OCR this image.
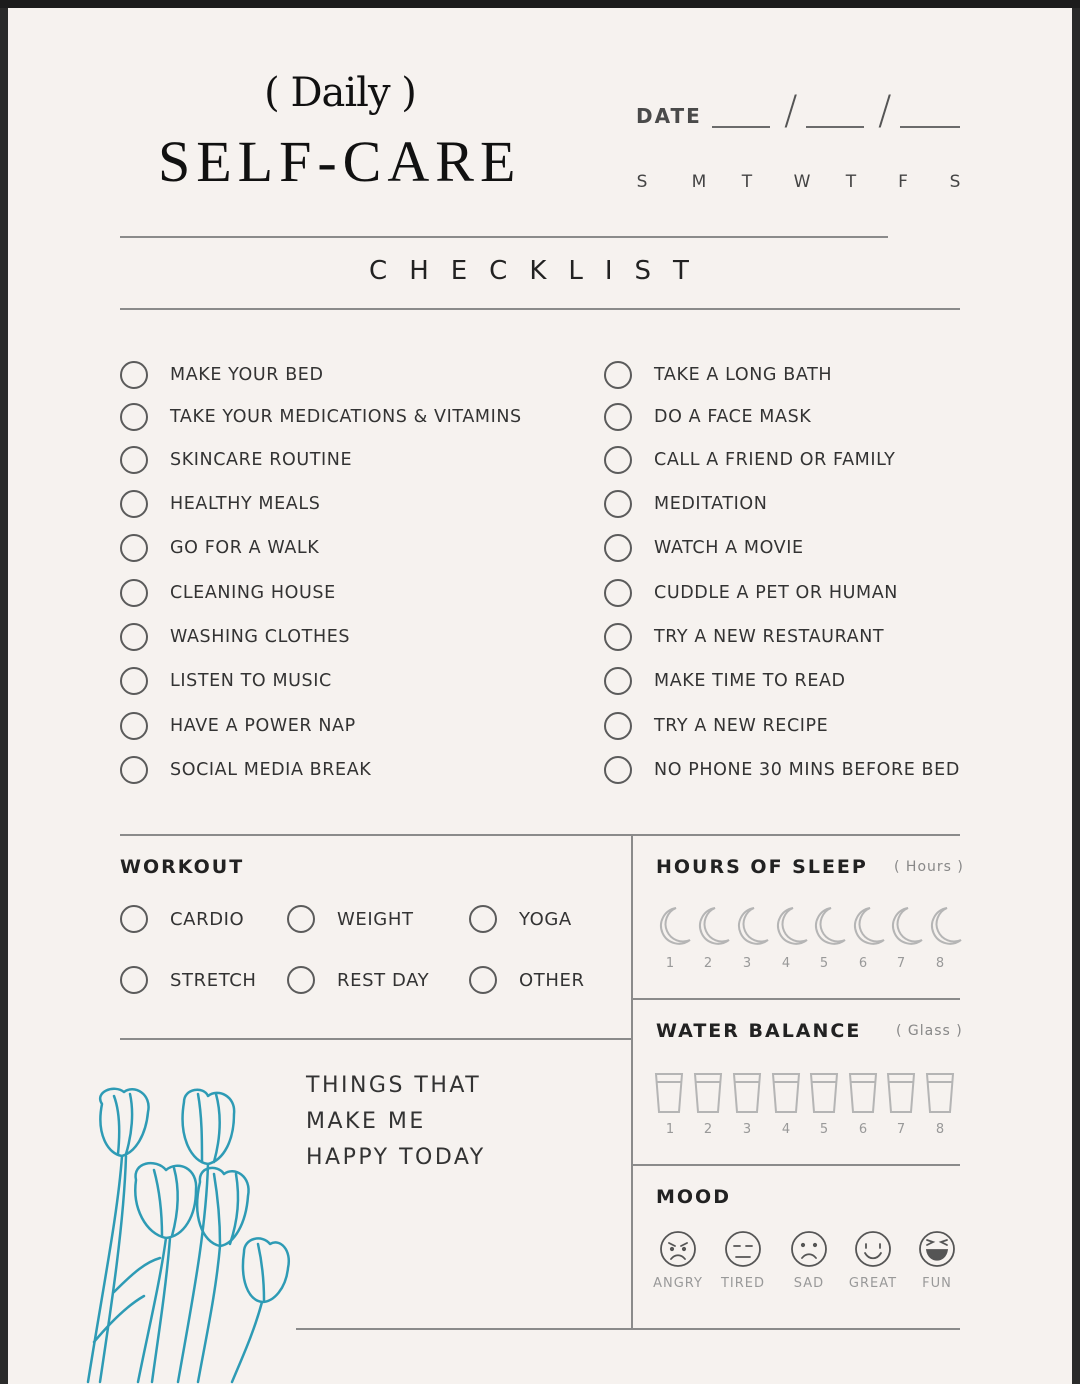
( Daily )
SELF-CARE
DATE / /
S	M	T	W	T	F	S
CHECKLIST
MAKE YOUR BED
TAKE YOUR MEDICATIONS & VITAMINS
SKINCARE ROUTINE
HEALTHY MEALS
GO FOR A WALK
CLEANING HOUSE
WASHING CLOTHES
LISTEN TO MUSIC
HAVE A POWER NAP
SOCIAL MEDIA BREAK
TAKE A LONG BATH
DO A FACE MASK
CALL A FRIEND OR FAMILY
MEDITATION
WATCH A MOVIE
CUDDLE A PET OR HUMAN
TRY A NEW RESTAURANT
MAKE TIME TO READ
TRY A NEW RECIPE
NO PHONE 30 MINS BEFORE BED
WORKOUT
CARDIO	WEIGHT	YOGA
STRETCH	REST DAY	OTHER
THINGS THAT
MAKE ME
HAPPY TODAY
HOURS OF SLEEP ( Hours )
1	2	3	4	5	6	7	8
WATER BALANCE ( Glass )
1	2	3	4	5	6	7	8
MOOD
ANGRY	TIRED	SAD	GREAT	FUN
